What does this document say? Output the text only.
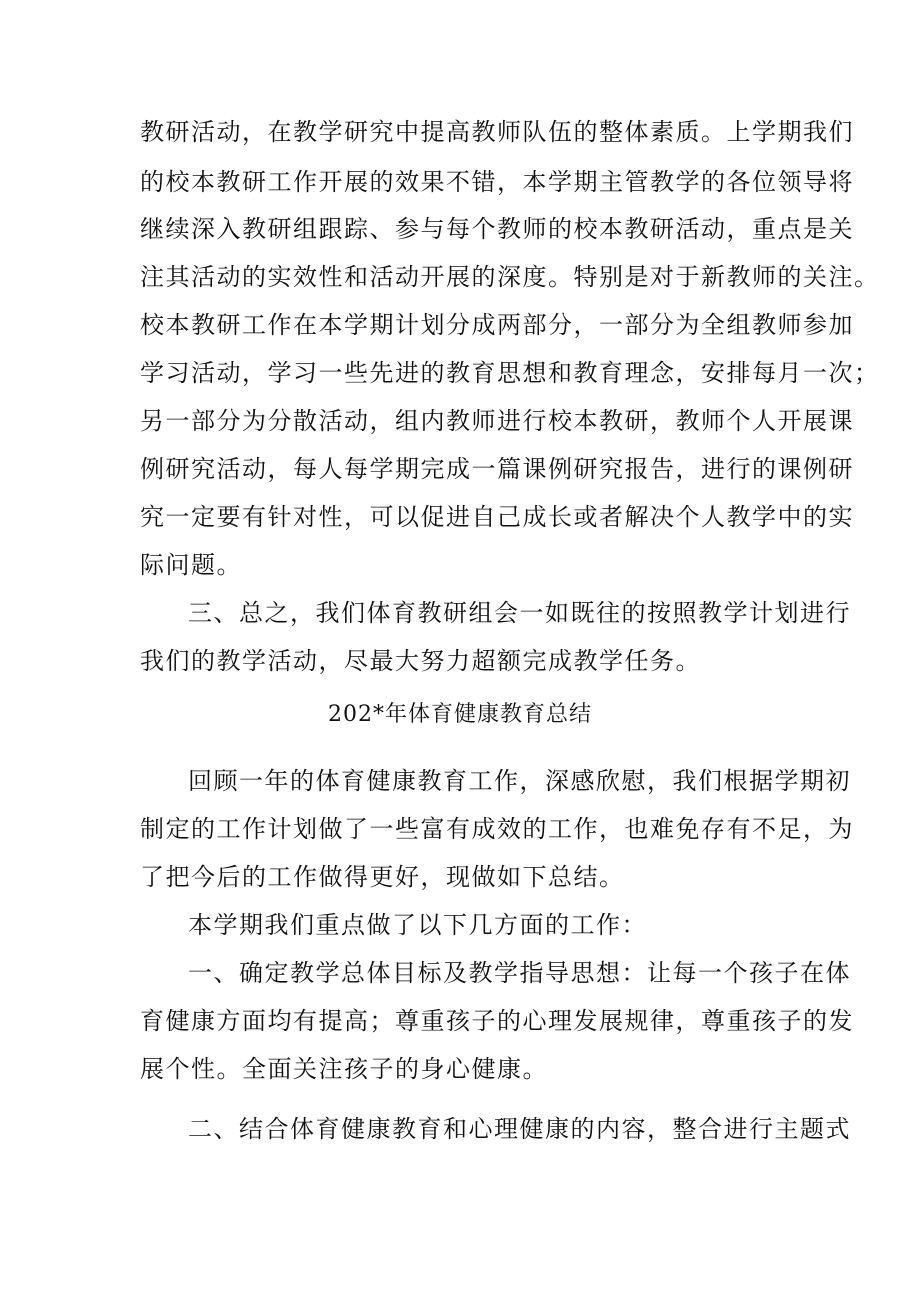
教研活动，在教学研究中提高教师队伍的整体素质。上学期我们
的校本教研工作开展的效果不错，本学期主管教学的各位领导将
继续深入教研组跟踪、参与每个教师的校本教研活动，重点是关
注其活动的实效性和活动开展的深度。特别是对于新教师的关注。
校本教研工作在本学期计划分成两部分，一部分为全组教师参加
学习活动，学习一些先进的教育思想和教育理念，安排每月一次；
另一部分为分散活动，组内教师进行校本教研，教师个人开展课
例研究活动，每人每学期完成一篇课例研究报告，进行的课例研
究一定要有针对性，可以促进自己成长或者解决个人教学中的实
际问题。
三、总之，我们体育教研组会一如既往的按照教学计划进行
我们的教学活动，尽最大努力超额完成教学任务。
202*年体育健康教育总结
回顾一年的体育健康教育工作，深感欣慰，我们根据学期初
制定的工作计划做了一些富有成效的工作，也难免存有不足，为
了把今后的工作做得更好，现做如下总结。
本学期我们重点做了以下几方面的工作：
一、确定教学总体目标及教学指导思想：让每一个孩子在体
育健康方面均有提高；尊重孩子的心理发展规律，尊重孩子的发
展个性。全面关注孩子的身心健康。
二、结合体育健康教育和心理健康的内容，整合进行主题式
